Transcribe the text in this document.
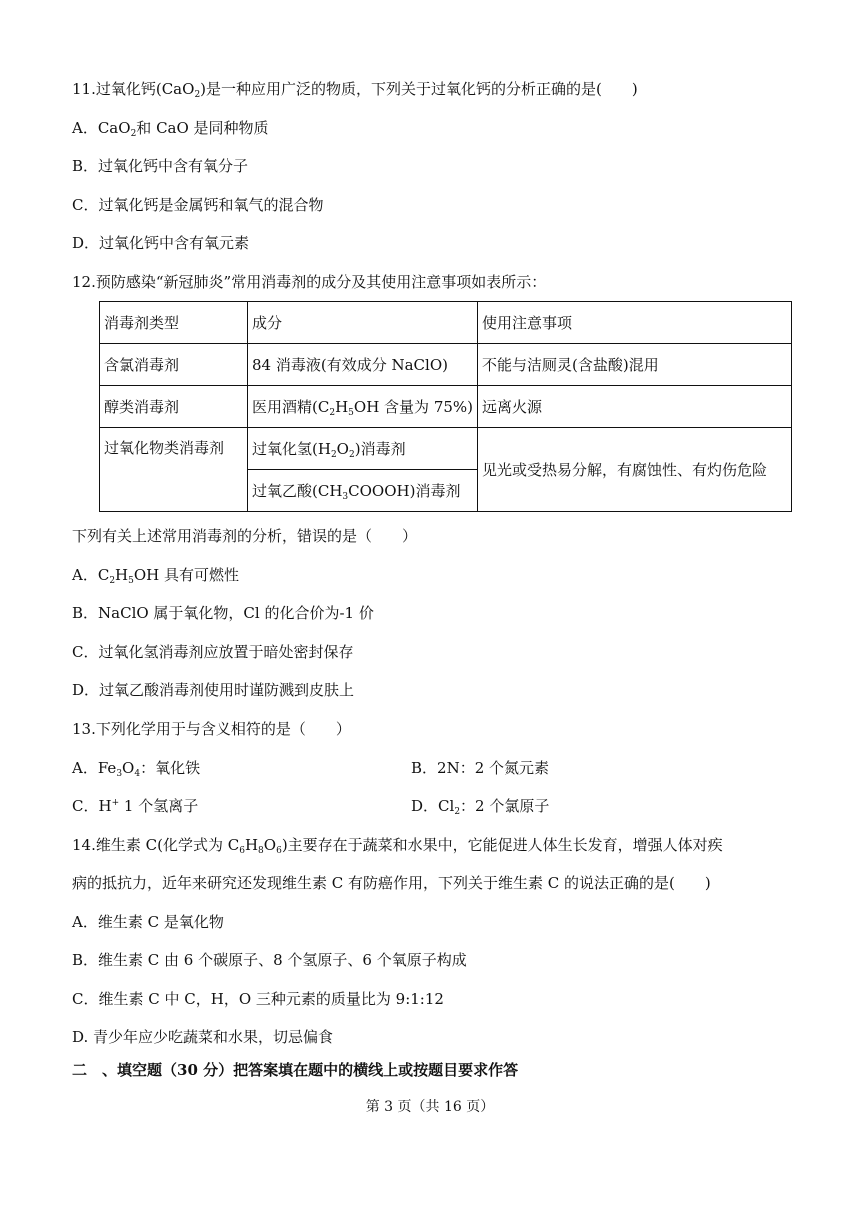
11.过氧化钙(CaO$_2$)是一种应用广泛的物质，下列关于过氧化钙的分析正确的是(　　)
A．CaO$_2$和 CaO 是同种物质
B．过氧化钙中含有氧分子
C．过氧化钙是金属钙和氧气的混合物
D．过氧化钙中含有氧元素
12.预防感染“新冠肺炎”常用消毒剂的成分及其使用注意事项如表所示：
消毒剂类型	成分	使用注意事项
含氯消毒剂	84 消毒液(有效成分 NaClO)	不能与洁厕灵(含盐酸)混用
醇类消毒剂	医用酒精($C_2H_5OH$ 含量为 75%)	远离火源
过氧化物类消毒剂	过氧化氢$(H_2O_2)$消毒剂	见光或受热易分解，有腐蚀性、有灼伤危险
	过氧乙酸$(CH_3COOOH)$消毒剂	
下列有关上述常用消毒剂的分析，错误的是（　　）
A．$C_2H_5OH$ 具有可燃性
B．NaClO 属于氧化物，Cl 的化合价为-1 价
C．过氧化氢消毒剂应放置于暗处密封保存
D．过氧乙酸消毒剂使用时谨防溅到皮肤上
13.下列化学用于与含义相符的是（　　）
A．$Fe_3O_4$：氧化铁	B．2N：2 个氮元素
C．H+ 1 个氢离子	D．$Cl_2$：2 个氯原子
14.维生素 C(化学式为 $C_6H_8O_6$)主要存在于蔬菜和水果中，它能促进人体生长发育，增强人体对疾
病的抵抗力，近年来研究还发现维生素 C 有防癌作用，下列关于维生素 C 的说法正确的是(　　)
A．维生素 C 是氧化物
B．维生素 C 由 6 个碳原子、8 个氢原子、6 个氧原子构成
C．维生素 C 中 C，H，O 三种元素的质量比为 9:1:12
D. 青少年应少吃蔬菜和水果，切忌偏食
二　、填空题（30 分）把答案填在题中的横线上或按题目要求作答
第 3 页（共 16 页）
